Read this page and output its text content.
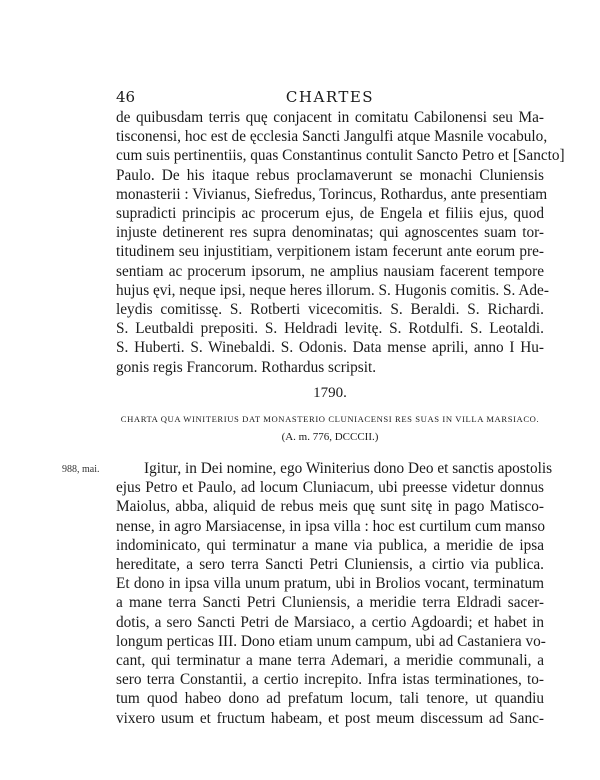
46	CHARTES
de quibusdam terris quę conjacent in comitatu Cabilonensi seu Ma-
tisconensi, hoc est de ęcclesia Sancti Jangulfi atque Masnile vocabulo,
cum suis pertinentiis, quas Constantinus contulit Sancto Petro et [Sancto]
Paulo. De his itaque rebus proclamaverunt se monachi Cluniensis
monasterii : Vivianus, Siefredus, Torincus, Rothardus, ante presentiam
supradicti principis ac procerum ejus, de Engela et filiis ejus, quod
injuste detinerent res supra denominatas; qui agnoscentes suam tor-
titudinem seu injustitiam, verpitionem istam fecerunt ante eorum pre-
sentiam ac procerum ipsorum, ne amplius nausiam facerent tempore
hujus ęvi, neque ipsi, neque heres illorum. S. Hugonis comitis. S. Ade-
leydis comitissę. S. Rotberti vicecomitis. S. Beraldi. S. Richardi.
S. Leutbaldi prepositi. S. Heldradi levitę. S. Rotdulfi. S. Leotaldi.
S. Huberti. S. Winebaldi. S. Odonis. Data mense aprili, anno I Hu-
gonis regis Francorum. Rothardus scripsit.
1790.
CHARTA QUA WINITERIUS DAT MONASTERIO CLUNIACENSI RES SUAS IN VILLA MARSIACO.
(A. m. 776, DCCCII.)
988, mai.	Igitur, in Dei nomine, ego Winiterius dono Deo et sanctis apostolis
ejus Petro et Paulo, ad locum Cluniacum, ubi preesse videtur donnus
Maiolus, abba, aliquid de rebus meis quę sunt sitę in pago Matisco-
nense, in agro Marsiacense, in ipsa villa : hoc est curtilum cum manso
indominicato, qui terminatur a mane via publica, a meridie de ipsa
hereditate, a sero terra Sancti Petri Cluniensis, a cirtio via publica.
Et dono in ipsa villa unum pratum, ubi in Brolios vocant, terminatum
a mane terra Sancti Petri Cluniensis, a meridie terra Eldradi sacer-
dotis, a sero Sancti Petri de Marsiaco, a certio Agdoardi; et habet in
longum perticas III. Dono etiam unum campum, ubi ad Castaniera vo-
cant, qui terminatur a mane terra Ademari, a meridie communali, a
sero terra Constantii, a certio increpito. Infra istas terminationes, to-
tum quod habeo dono ad prefatum locum, tali tenore, ut quandiu
vixero usum et fructum habeam, et post meum discessum ad Sanc-
